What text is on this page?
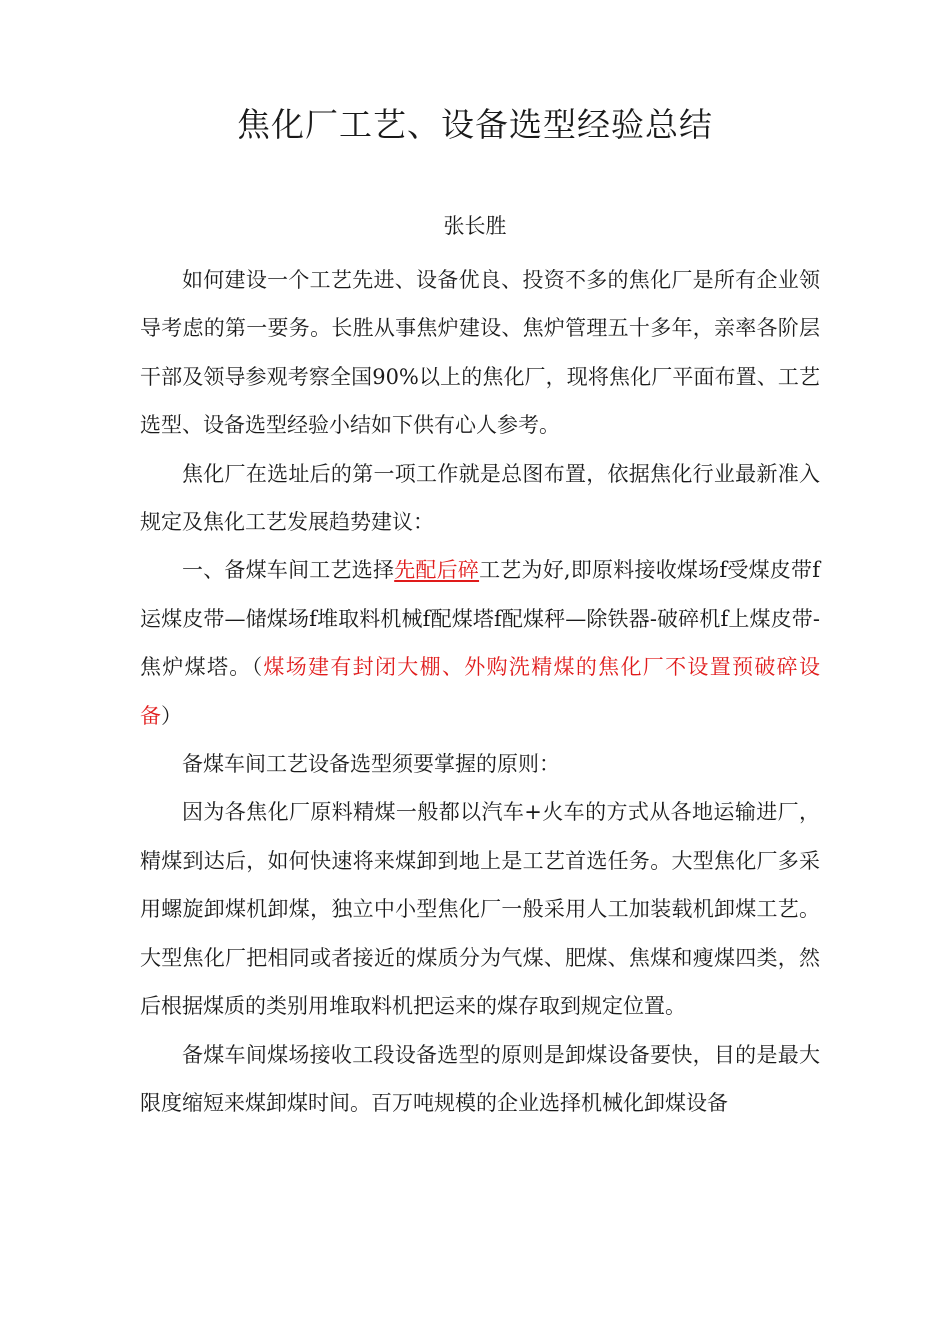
焦化厂工艺、设备选型经验总结
张长胜

如何建设一个工艺先进、设备优良、投资不多的焦化厂是所有企业领导考虑的第一要务。长胜从事焦炉建设、焦炉管理五十多年，亲率各阶层干部及领导参观考察全国90%以上的焦化厂，现将焦化厂平面布置、工艺选型、设备选型经验小结如下供有心人参考。

焦化厂在选址后的第一项工作就是总图布置，依据焦化行业最新准入规定及焦化工艺发展趋势建议：

一、备煤车间工艺选择先配后碎工艺为好,即原料接收煤场f受煤皮带f运煤皮带—储煤场f堆取料机械f配煤塔f配煤秤—除铁器-破碎机f上煤皮带-焦炉煤塔。（煤场建有封闭大棚、外购洗精煤的焦化厂不设置预破碎设备）

备煤车间工艺设备选型须要掌握的原则：

因为各焦化厂原料精煤一般都以汽车+火车的方式从各地运输进厂，精煤到达后，如何快速将来煤卸到地上是工艺首选任务。大型焦化厂多采用螺旋卸煤机卸煤，独立中小型焦化厂一般采用人工加装载机卸煤工艺。大型焦化厂把相同或者接近的煤质分为气煤、肥煤、焦煤和瘦煤四类，然后根据煤质的类别用堆取料机把运来的煤存取到规定位置。

备煤车间煤场接收工段设备选型的原则是卸煤设备要快，目的是最大限度缩短来煤卸煤时间。百万吨规模的企业选择机械化卸煤设备
